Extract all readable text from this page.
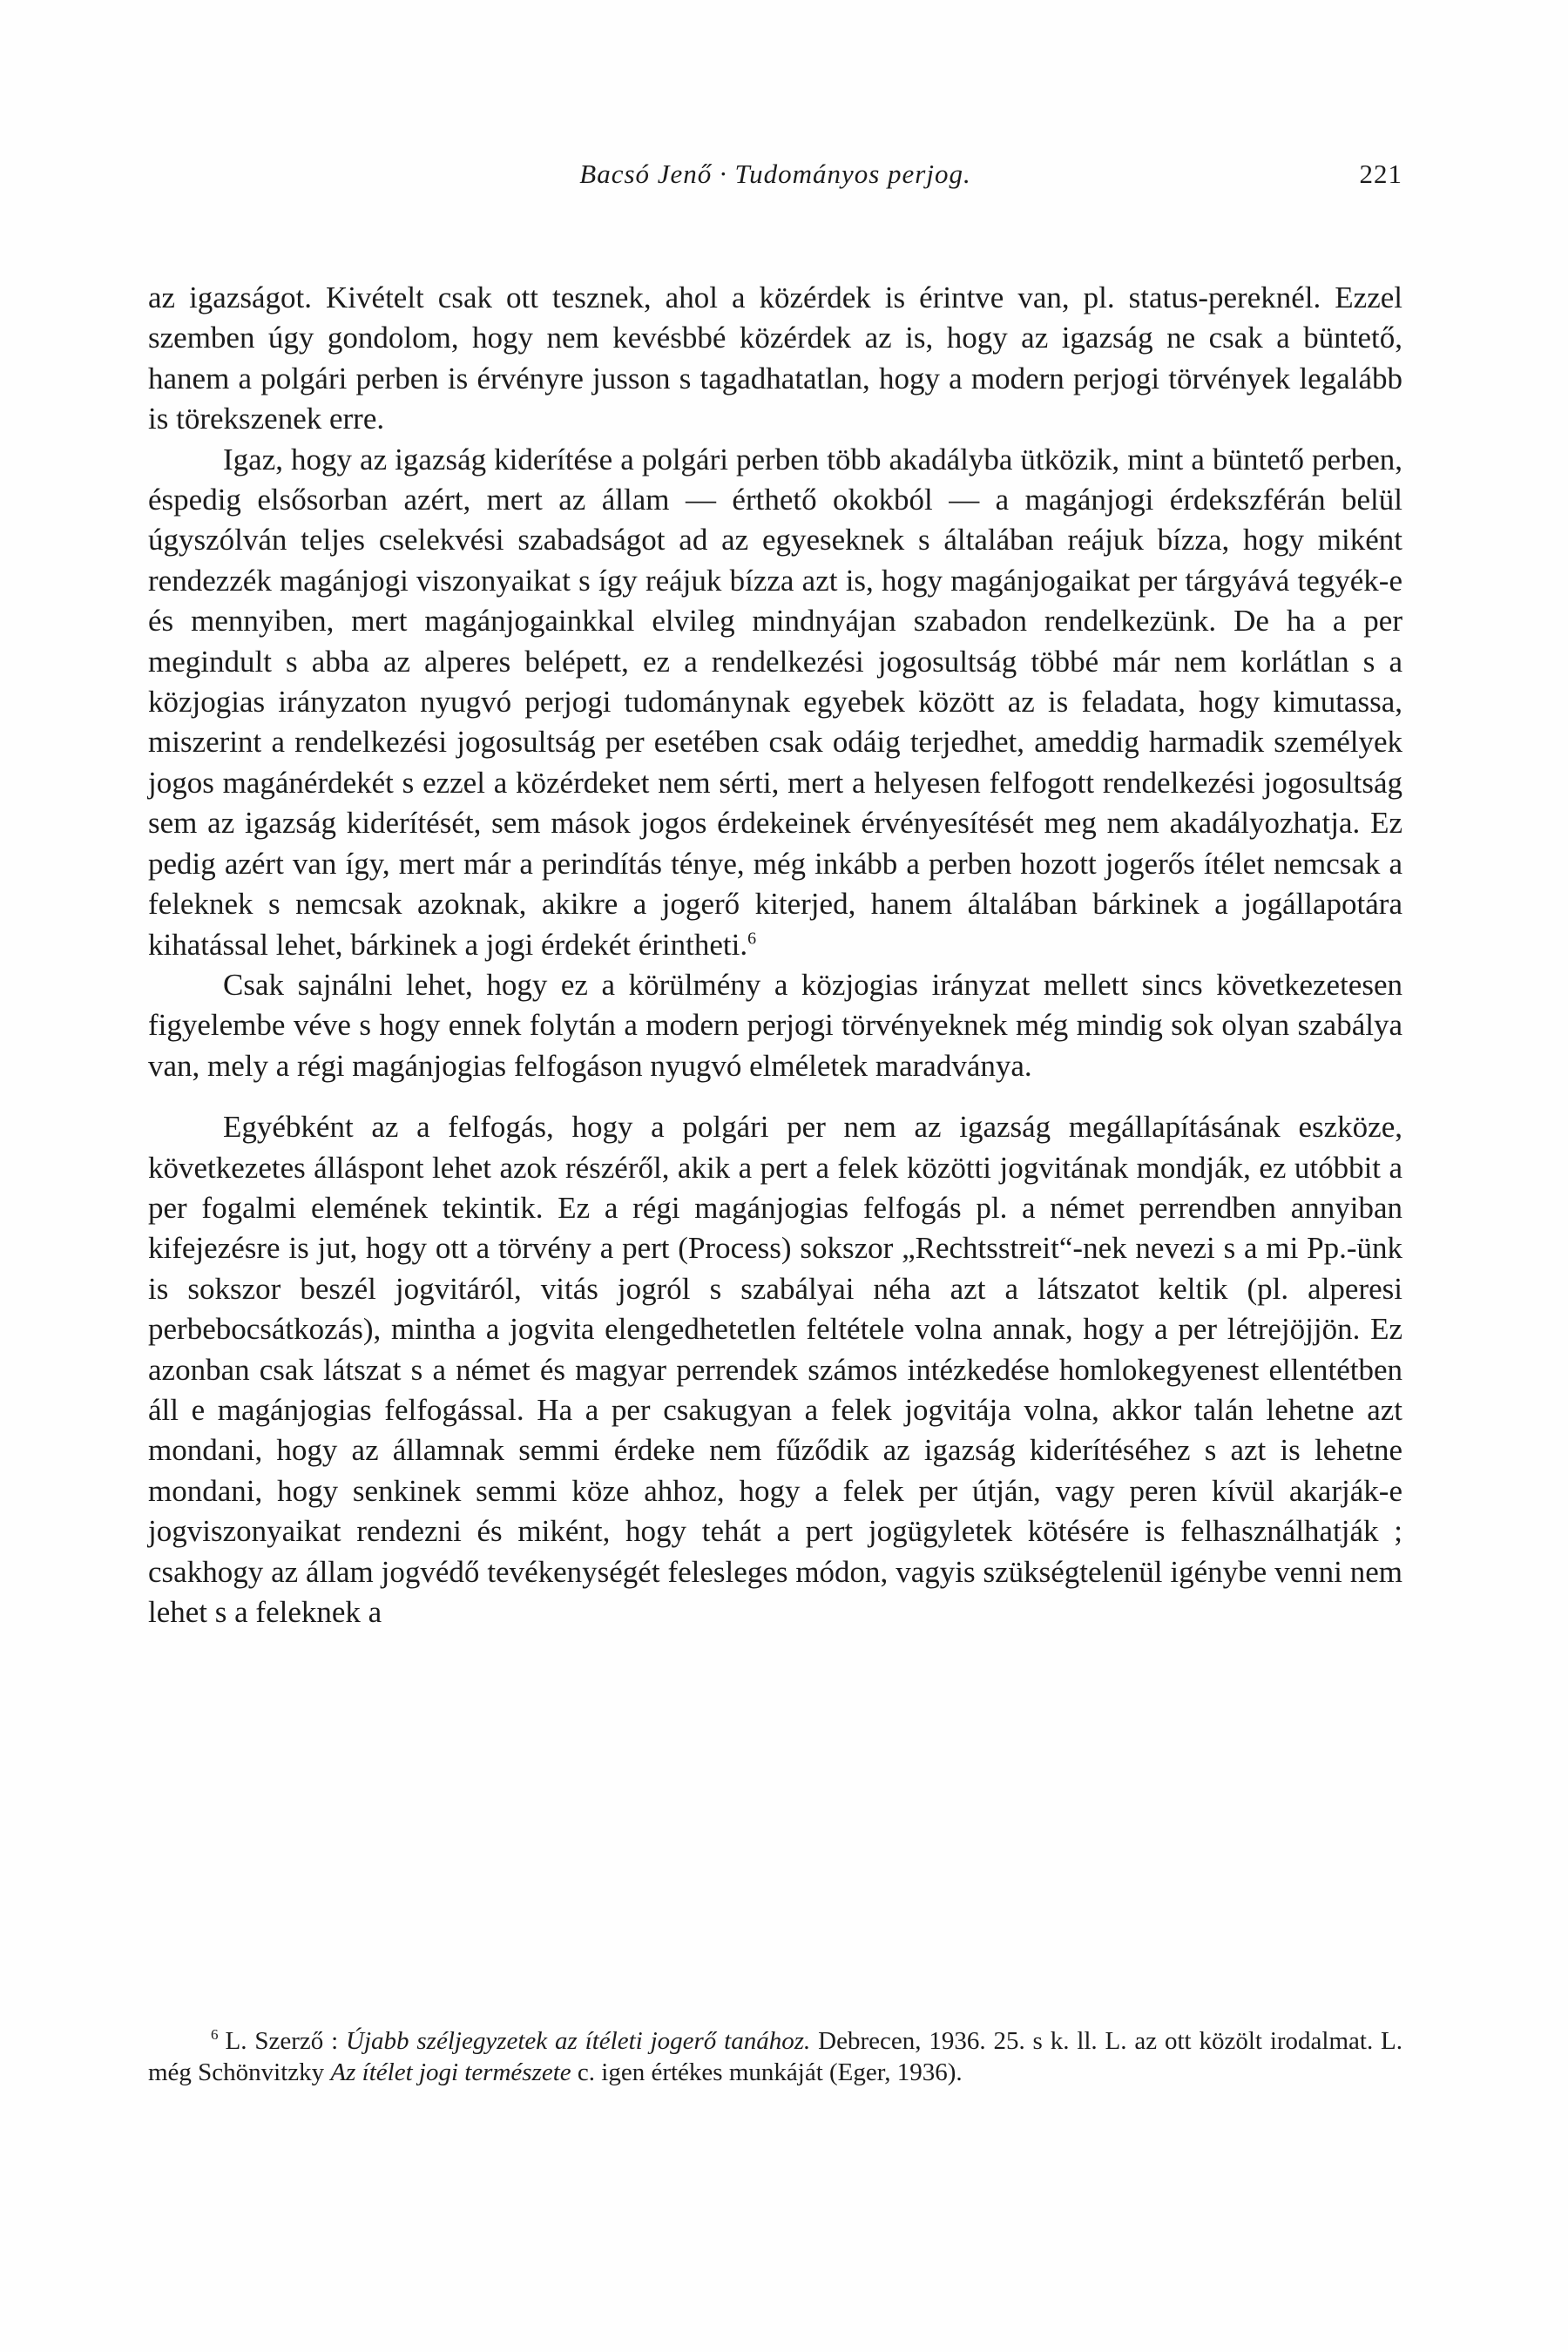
Bacsó Jenő · Tudományos perjog.	221

az igazságot. Kivételt csak ott tesznek, ahol a közérdek is érintve van, pl. status-pereknél. Ezzel szemben úgy gondolom, hogy nem kevésbbé közérdek az is, hogy az igazság ne csak a büntető, hanem a polgári perben is érvényre jusson s tagadhatatlan, hogy a modern perjogi törvények legalább is törekszenek erre.

Igaz, hogy az igazság kiderítése a polgári perben több akadályba ütközik, mint a büntető perben, éspedig elsősorban azért, mert az állam — érthető okokból — a magánjogi érdekszférán belül úgyszólván teljes cselekvési szabadságot ad az egyeseknek s általában reájuk bízza, hogy miként rendezzék magánjogi viszonyaikat s így reájuk bízza azt is, hogy magánjogaikat per tárgyává tegyék-e és mennyiben, mert magánjogainkkal elvileg mindnyájan szabadon rendelkezünk. De ha a per megindult s abba az alperes belépett, ez a rendelkezési jogosultság többé már nem korlátlan s a közjogias irányzaton nyugvó perjogi tudománynak egyebek között az is feladata, hogy kimutassa, miszerint a rendelkezési jogosultság per esetében csak odáig terjedhet, ameddig harmadik személyek jogos magánérdekét s ezzel a közérdeket nem sérti, mert a helyesen felfogott rendelkezési jogosultság sem az igazság kiderítését, sem mások jogos érdekeinek érvényesítését meg nem akadályozhatja. Ez pedig azért van így, mert már a perindítás ténye, még inkább a perben hozott jogerős ítélet nemcsak a feleknek s nemcsak azoknak, akikre a jogerő kiterjed, hanem általában bárkinek a jogállapotára kihatással lehet, bárkinek a jogi érdekét érintheti.$^6$

Csak sajnálni lehet, hogy ez a körülmény a közjogias irányzat mellett sincs következetesen figyelembe véve s hogy ennek folytán a modern perjogi törvényeknek még mindig sok olyan szabálya van, mely a régi magánjogias felfogáson nyugvó elméletek maradványa.

Egyébként az a felfogás, hogy a polgári per nem az igazság megállapításának eszköze, következetes álláspont lehet azok részéről, akik a pert a felek közötti jogvitának mondják, ez utóbbit a per fogalmi elemének tekintik. Ez a régi magánjogias felfogás pl. a német perrendben annyiban kifejezésre is jut, hogy ott a törvény a pert (Process) sokszor „Rechtsstreit“-nek nevezi s a mi Pp.-ünk is sokszor beszél jogvitáról, vitás jogról s szabályai néha azt a látszatot keltik (pl. alperesi perbebocsátkozás), mintha a jogvita elengedhetetlen feltétele volna annak, hogy a per létrejöjjön. Ez azonban csak látszat s a német és magyar perrendek számos intézkedése homlokegyenest ellentétben áll e magánjogias felfogással. Ha a per csakugyan a felek jogvitája volna, akkor talán lehetne azt mondani, hogy az államnak semmi érdeke nem fűződik az igazság kiderítéséhez s azt is lehetne mondani, hogy senkinek semmi köze ahhoz, hogy a felek per útján, vagy peren kívül akarják-e jogviszonyaikat rendezni és miként, hogy tehát a pert jogügyletek kötésére is felhasználhatják ; csakhogy az állam jogvédő tevékenységét felesleges módon, vagyis szükségtelenül igénybe venni nem lehet s a feleknek a

$^6$ L. Szerző : Újabb széljegyzetek az ítéleti jogerő tanához. Debrecen, 1936. 25. s k. ll. L. az ott közölt irodalmat. L. még Schönvitzky Az ítélet jogi természete c. igen értékes munkáját (Eger, 1936).
